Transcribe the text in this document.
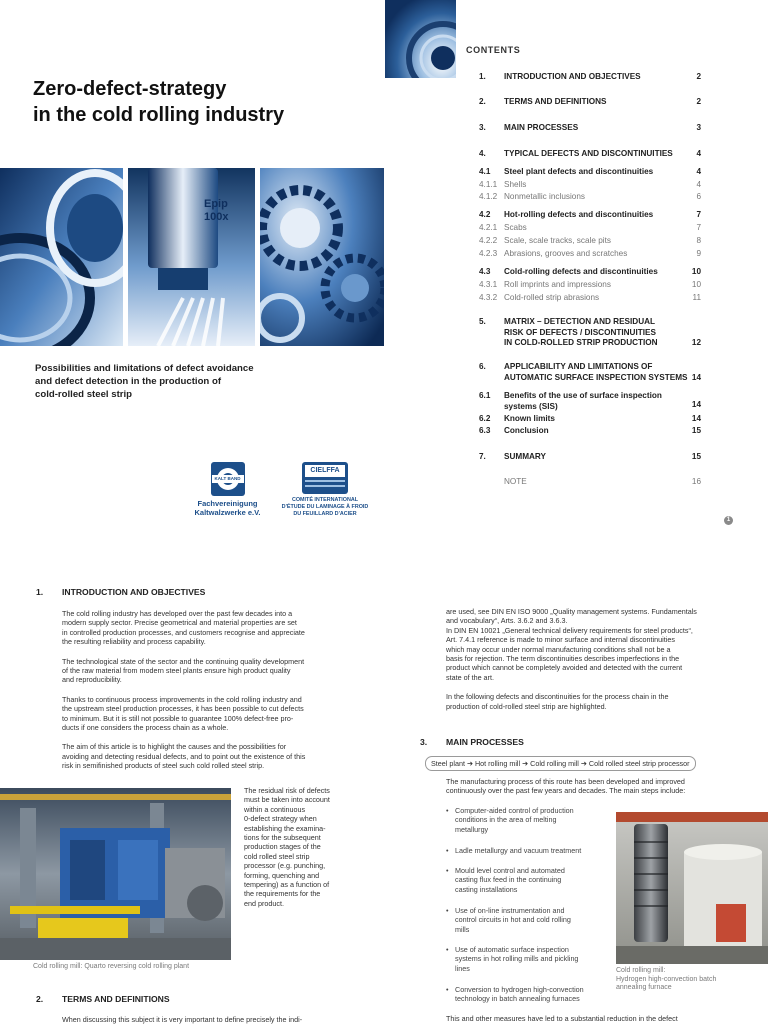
Zero-defect-strategy
in the cold rolling industry
Epip
100x

Possibilities and limitations of defect avoidance
and defect detection in the production of
cold-rolled steel strip

KALT BAND
Fachvereinigung
Kaltwalzwerke e.V.
CIELFFA
COMITÉ INTERNATIONAL
D'ÉTUDE DU LAMINAGE À FROID
DU FEUILLARD D'ACIER
CONTENTS
1. INTRODUCTION AND OBJECTIVES	2
2. TERMS AND DEFINITIONS	2
3. MAIN PROCESSES	3
4. TYPICAL DEFECTS AND DISCONTINUITIES	4
4.1 Steel plant defects and discontinuities	4
4.1.1 Shells	4
4.1.2 Nonmetallic inclusions	6
4.2 Hot-rolling defects and discontinuities	7
4.2.1 Scabs	7
4.2.2 Scale, scale tracks, scale pits	8
4.2.3 Abrasions, grooves and scratches	9
4.3 Cold-rolling defects and discontinuities	10
4.3.1 Roll imprints and impressions	10
4.3.2 Cold-rolled strip abrasions	11
5. MATRIX – DETECTION AND RESIDUAL
RISK OF DEFECTS / DISCONTINUITIES
IN COLD-ROLLED STRIP PRODUCTION	12
6. APPLICABILITY AND LIMITATIONS OF
AUTOMATIC SURFACE INSPECTION SYSTEMS 14
6.1 Benefits of the use of surface inspection
systems (SIS)	14
6.2 Known limits	14
6.3 Conclusion	15
7. SUMMARY	15
NOTE	16
1
1. INTRODUCTION AND OBJECTIVES

The cold rolling industry has developed over the past few decades into a
modern supply sector. Precise geometrical and material properties are set
in controlled production processes, and customers recognise and appreciate
the resulting reliability and process capability.

The technological state of the sector and the continuing quality development
of the raw material from modern steel plants ensure high product quality
and reproducibility.

Thanks to continuous process improvements in the cold rolling industry and
the upstream steel production processes, it has been possible to cut defects
to minimum. But it is still not possible to guarantee 100% defect-free pro-
ducts if one considers the process chain as a whole.

The aim of this article is to highlight the causes and the possibilities for
avoiding and detecting residual defects, and to point out the existence of this
risk in semifinished products of steel such cold rolled steel strip.

Cold rolling mill: Quarto reversing cold rolling plant
The residual risk of defects
must be taken into account
within a continuous
0-defect strategy when
establishing the examina-
tions for the subsequent
production stages of the
cold rolled steel strip
processor (e.g. punching,
forming, quenching and
tempering) as a function of
the requirements for the
end product.
2. TERMS AND DEFINITIONS
When discussing this subject it is very important to define precisely the indi-

are used, see DIN EN ISO 9000 „Quality management systems. Fundamentals
and vocabulary“, Arts. 3.6.2 and 3.6.3.

In DIN EN 10021 „General technical delivery requirements for steel products“,
Art. 7.4.1 reference is made to minor surface and internal discontinuities
which may occur under normal manufacturing conditions shall not be a
basis for rejection. The term discontinuities describes imperfections in the
product which cannot be completely avoided and detected with the current
state of the art.

In the following defects and discontinuities for the process chain in the
production of cold-rolled steel strip are highlighted.

3. MAIN PROCESSES
Steel plant ➔ Hot rolling mill ➔ Cold rolling mill ➔ Cold rolled steel strip processor
The manufacturing process of this route has been developed and improved
continuously over the past few years and decades. The main steps include:
• Computer-aided control of production
conditions in the area of melting
metallurgy
• Ladle metallurgy and vacuum treatment
• Mould level control and automated
casting flux feed in the continuing
casting installations
• Use of on-line instrumentation and
control circuits in hot and cold rolling
mills
• Use of automatic surface inspection
systems in hot rolling mills and pickling
lines
• Conversion to hydrogen high-convection
technology in batch annealing furnaces
Cold rolling mill:
Hydrogen high-convection batch
annealing furnace
This and other measures have led to a substantial reduction in the defect
